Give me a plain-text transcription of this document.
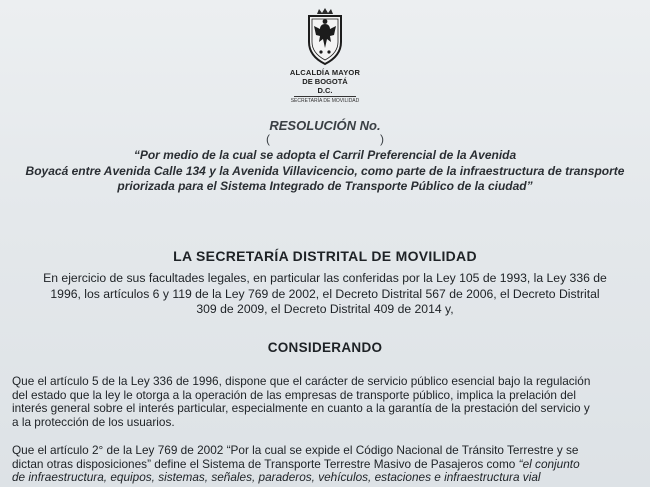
ALCALDÍA MAYOR
DE BOGOTÁ D.C.
SECRETARÍA DE MOVILIDAD
RESOLUCIÓN No.
(                                 )
“Por medio de la cual se adopta el Carril Preferencial de la Avenida
Boyacá entre Avenida Calle 134 y la Avenida Villavicencio, como parte de la infraestructura de transporte
priorizada para el Sistema Integrado de Transporte Público de la ciudad”
LA SECRETARÍA DISTRITAL DE MOVILIDAD
En ejercicio de sus facultades legales, en particular las conferidas por la Ley 105 de 1993, la Ley 336 de
1996, los artículos 6 y 119 de la Ley 769 de 2002, el Decreto Distrital 567 de 2006, el Decreto Distrital
309 de 2009, el Decreto Distrital 409 de 2014 y,
CONSIDERANDO
Que el artículo 5 de la Ley 336 de 1996, dispone que el carácter de servicio público esencial bajo la regulación
del estado que la ley le otorga a la operación de las empresas de transporte público, implica la prelación del
interés general sobre el interés particular, especialmente en cuanto a la garantía de la prestación del servicio y
a la protección de los usuarios.
Que el artículo 2° de la Ley 769 de 2002 “Por la cual se expide el Código Nacional de Tránsito Terrestre y se
dictan otras disposiciones” define el Sistema de Transporte Terrestre Masivo de Pasajeros como “el conjunto
de infraestructura, equipos, sistemas, señales, paraderos, vehículos, estaciones e infraestructura vial
